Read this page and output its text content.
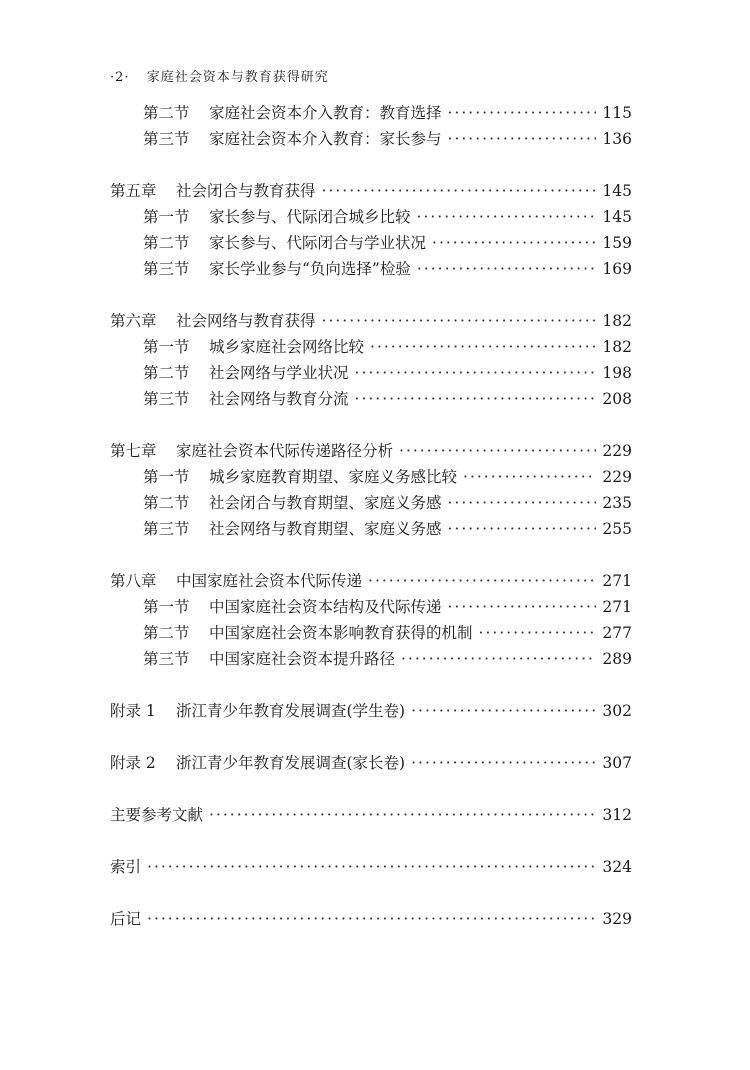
·2· 家庭社会资本与教育获得研究
第二节	家庭社会资本介入教育：教育选择 ·····	115
第三节	家庭社会资本介入教育：家长参与 ·····	136
第五章	社会闭合与教育获得 ·····	145
第一节	家长参与、代际闭合城乡比较 ·····	145
第二节	家长参与、代际闭合与学业状况 ·····	159
第三节	家长学业参与“负向选择”检验 ·····	169
第六章	社会网络与教育获得 ·····	182
第一节	城乡家庭社会网络比较 ·····	182
第二节	社会网络与学业状况 ·····	198
第三节	社会网络与教育分流 ·····	208
第七章	家庭社会资本代际传递路径分析 ·····	229
第一节	城乡家庭教育期望、家庭义务感比较 ·····	229
第二节	社会闭合与教育期望、家庭义务感 ·····	235
第三节	社会网络与教育期望、家庭义务感 ·····	255
第八章	中国家庭社会资本代际传递 ·····	271
第一节	中国家庭社会资本结构及代际传递 ·····	271
第二节	中国家庭社会资本影响教育获得的机制 ·····	277
第三节	中国家庭社会资本提升路径 ·····	289
附录 1	浙江青少年教育发展调查(学生卷) ·····	302
附录 2	浙江青少年教育发展调查(家长卷) ·····	307
主要参考文献 ·····	312
索引 ·····	324
后记 ·····	329
